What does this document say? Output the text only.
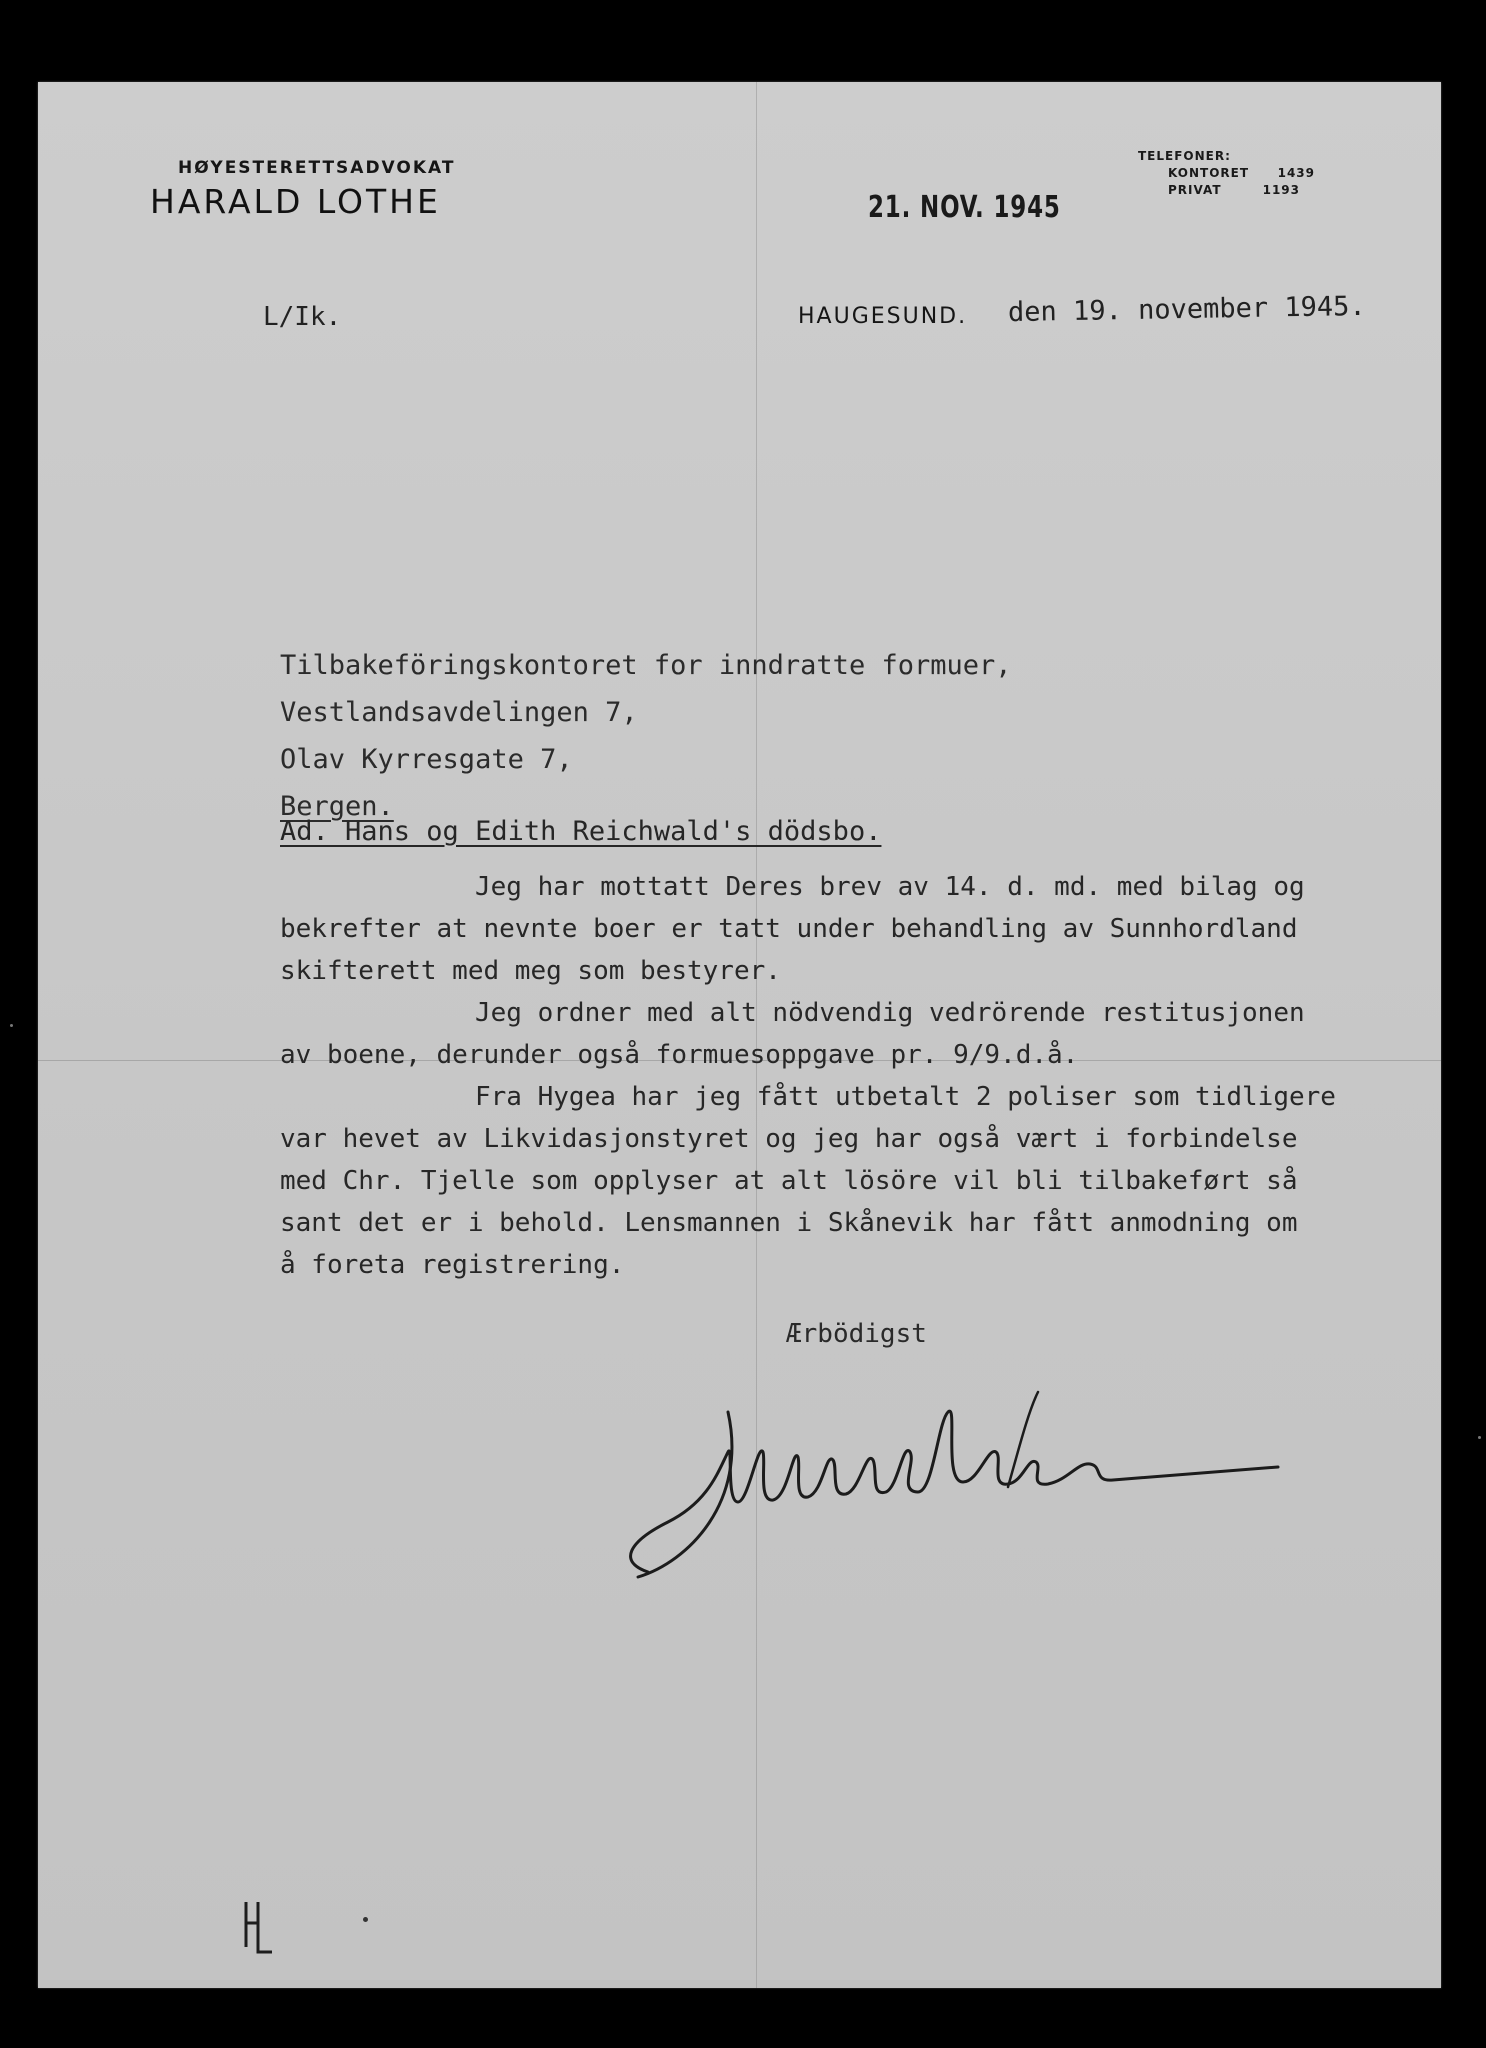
HØYESTERETTSADVOKAT
HARALD LOTHE
TELEFONER:
KONTORET	1439
PRIVAT	1193
21. NOV. 1945
L/Ik.	HAUGESUND. den 19. november 1945.
Tilbakeföringskontoret for inndratte formuer,
Vestlandsavdelingen 7,
Olav Kyrresgate 7,
Bergen.
Ad. Hans og Edith Reichwald's dödsbo.
Jeg har mottatt Deres brev av 14. d. md. med bilag og
bekrefter at nevnte boer er tatt under behandling av Sunnhordland
skifterett med meg som bestyrer.
Jeg ordner med alt nödvendig vedrörende restitusjonen
av boene, derunder også formuesoppgave pr. 9/9.d.å.
Fra Hygea har jeg fått utbetalt 2 poliser som tidligere
var hevet av Likvidasjonstyret og jeg har også vært i forbindelse
med Chr. Tjelle som opplyser at alt lösöre vil bli tilbakeført så
sant det er i behold. Lensmannen i Skånevik har fått anmodning om
å foreta registrering.
Ærbödigst
